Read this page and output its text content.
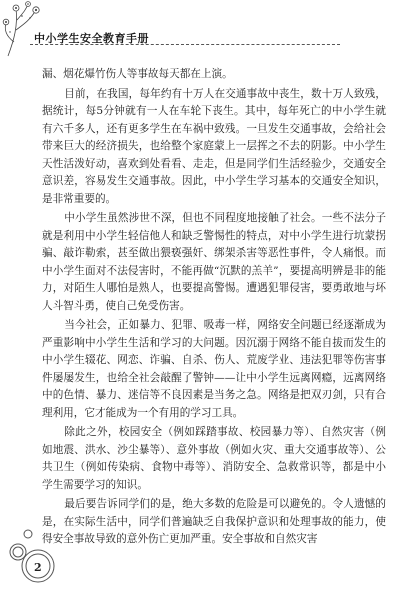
中小学生安全教育手册

漏、烟花爆竹伤人等事故每天都在上演。

目前，在我国，每年约有十万人在交通事故中丧生，数十万人致残，据统计，每5分钟就有一人在车轮下丧生。其中，每年死亡的中小学生就有六千多人，还有更多学生在车祸中致残。一旦发生交通事故，会给社会带来巨大的经济损失，也给整个家庭蒙上一层挥之不去的阴影。中小学生天性活泼好动，喜欢到处看看、走走，但是同学们生活经验少，交通安全意识差，容易发生交通事故。因此，中小学生学习基本的交通安全知识，是非常重要的。

中小学生虽然涉世不深，但也不同程度地接触了社会。一些不法分子就是利用中小学生轻信他人和缺乏警惕性的特点，对中小学生进行坑蒙拐骗、敲诈勒索，甚至做出猥亵强奸、绑架杀害等恶性事件，令人痛恨。而中小学生面对不法侵害时，不能再做“沉默的羔羊”，要提高明辨是非的能力，对陌生人哪怕是熟人，也要提高警惕。遭遇犯罪侵害，要勇敢地与坏人斗智斗勇，使自己免受伤害。

当今社会，正如暴力、犯罪、吸毒一样，网络安全问题已经逐渐成为严重影响中小学生生活和学习的大问题。因沉溺于网络不能自拔而发生的中小学生辍花、网恋、诈骗、自杀、伤人、荒废学业、违法犯罪等伤害事件屡屡发生，也给全社会敲醒了警钟——让中小学生远离网瘾，远离网络中的色情、暴力、迷信等不良因素是当务之急。网络是把双刃剑，只有合理利用，它才能成为一个有用的学习工具。

除此之外，校园安全（例如踩踏事故、校园暴力等）、自然灾害（例如地震、洪水、沙尘暴等）、意外事故（例如火灾、重大交通事故等）、公共卫生（例如传染病、食物中毒等）、消防安全、急救常识等，都是中小学生需要学习的知识。

最后要告诉同学们的是，绝大多数的危险是可以避免的。令人遗憾的是，在实际生活中，同学们普遍缺乏自我保护意识和处理事故的能力，使得安全事故导致的意外伤亡更加严重。安全事故和自然灾害

2
